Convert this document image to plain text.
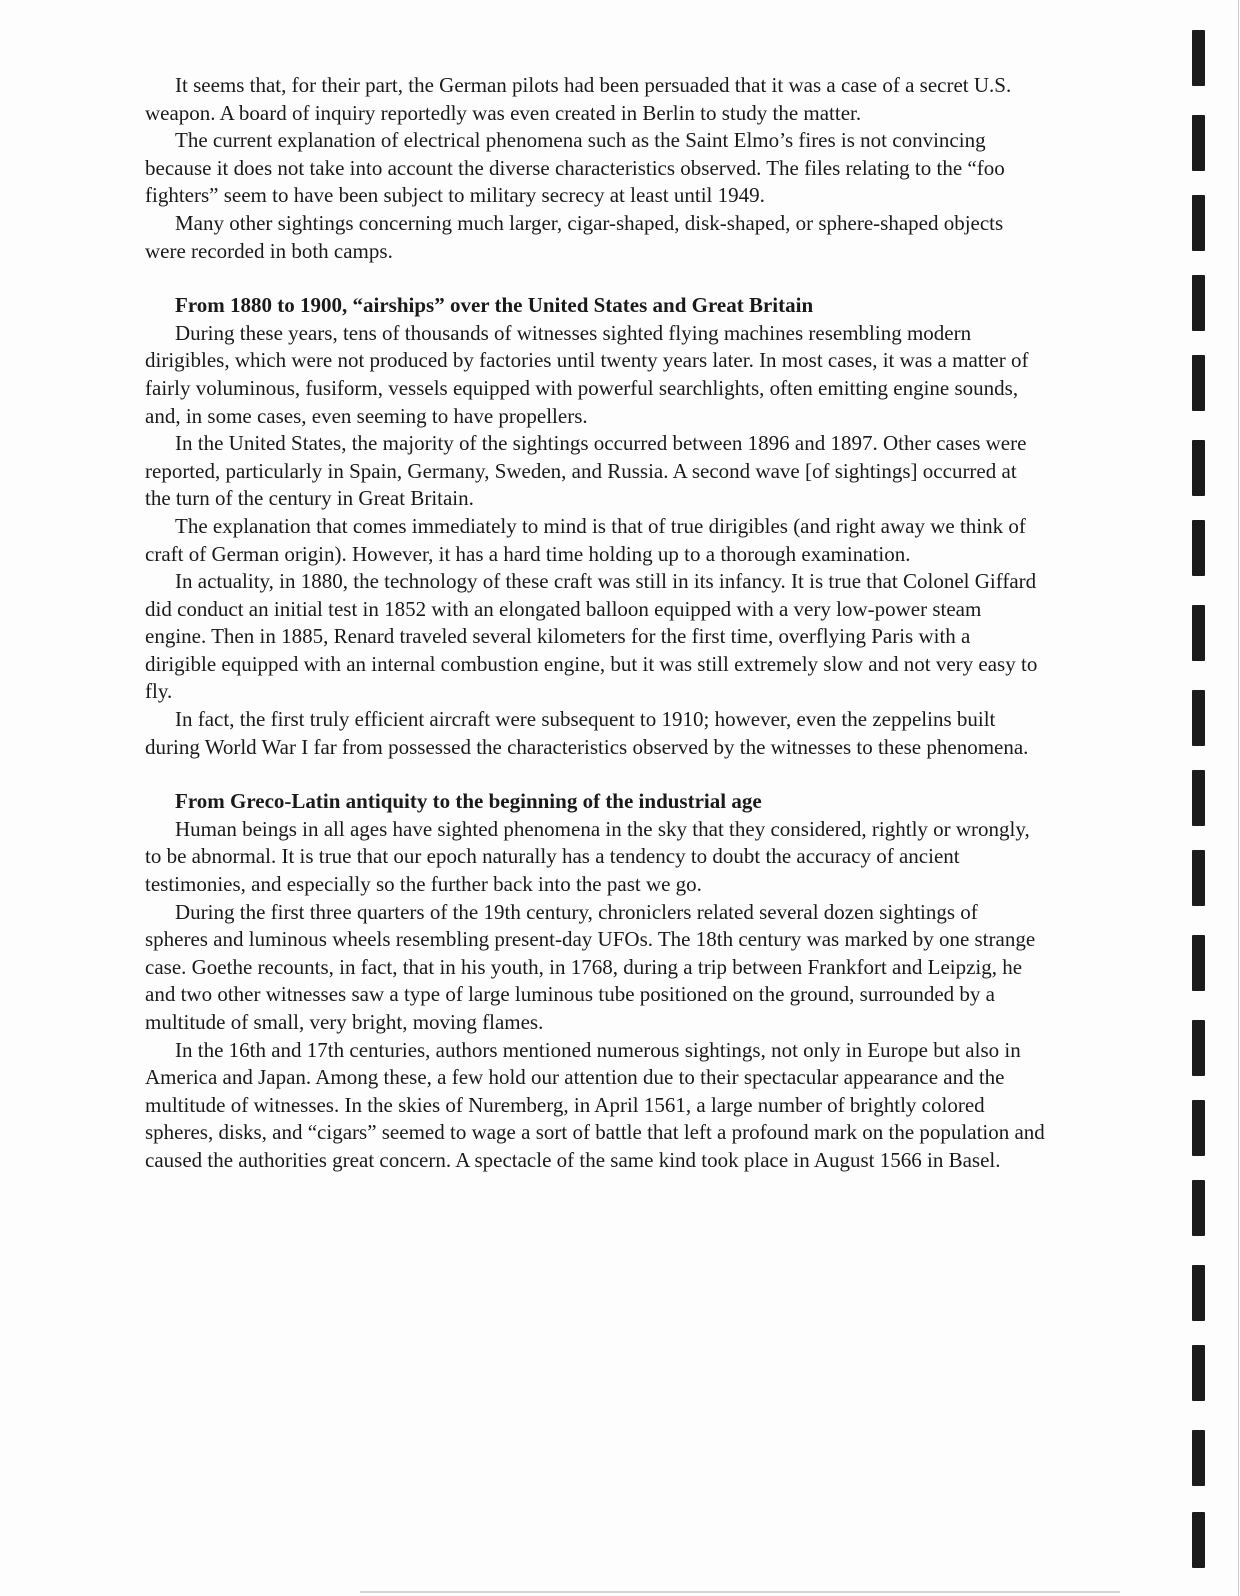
It seems that, for their part, the German pilots had been persuaded that it was a case of a secret U.S. weapon. A board of inquiry reportedly was even created in Berlin to study the matter.

The current explanation of electrical phenomena such as the Saint Elmo’s fires is not convincing because it does not take into account the diverse characteristics observed. The files relating to the “foo fighters” seem to have been subject to military secrecy at least until 1949.

Many other sightings concerning much larger, cigar-shaped, disk-shaped, or sphere-shaped objects were recorded in both camps.

From 1880 to 1900, “airships” over the United States and Great Britain

During these years, tens of thousands of witnesses sighted flying machines resembling modern dirigibles, which were not produced by factories until twenty years later. In most cases, it was a matter of fairly voluminous, fusiform, vessels equipped with powerful searchlights, often emitting engine sounds, and, in some cases, even seeming to have propellers.

In the United States, the majority of the sightings occurred between 1896 and 1897. Other cases were reported, particularly in Spain, Germany, Sweden, and Russia. A second wave [of sightings] occurred at the turn of the century in Great Britain.

The explanation that comes immediately to mind is that of true dirigibles (and right away we think of craft of German origin). However, it has a hard time holding up to a thorough examination.

In actuality, in 1880, the technology of these craft was still in its infancy. It is true that Colonel Giffard did conduct an initial test in 1852 with an elongated balloon equipped with a very low-power steam engine. Then in 1885, Renard traveled several kilometers for the first time, overflying Paris with a dirigible equipped with an internal combustion engine, but it was still extremely slow and not very easy to fly.

In fact, the first truly efficient aircraft were subsequent to 1910; however, even the zeppelins built during World War I far from possessed the characteristics observed by the witnesses to these phenomena.

From Greco-Latin antiquity to the beginning of the industrial age

Human beings in all ages have sighted phenomena in the sky that they considered, rightly or wrongly, to be abnormal. It is true that our epoch naturally has a tendency to doubt the accuracy of ancient testimonies, and especially so the further back into the past we go.

During the first three quarters of the 19th century, chroniclers related several dozen sightings of spheres and luminous wheels resembling present-day UFOs. The 18th century was marked by one strange case. Goethe recounts, in fact, that in his youth, in 1768, during a trip between Frankfort and Leipzig, he and two other witnesses saw a type of large luminous tube positioned on the ground, surrounded by a multitude of small, very bright, moving flames.

In the 16th and 17th centuries, authors mentioned numerous sightings, not only in Europe but also in America and Japan. Among these, a few hold our attention due to their spectacular appearance and the multitude of witnesses. In the skies of Nuremberg, in April 1561, a large number of brightly colored spheres, disks, and “cigars” seemed to wage a sort of battle that left a profound mark on the population and caused the authorities great concern. A spectacle of the same kind took place in August 1566 in Basel.
